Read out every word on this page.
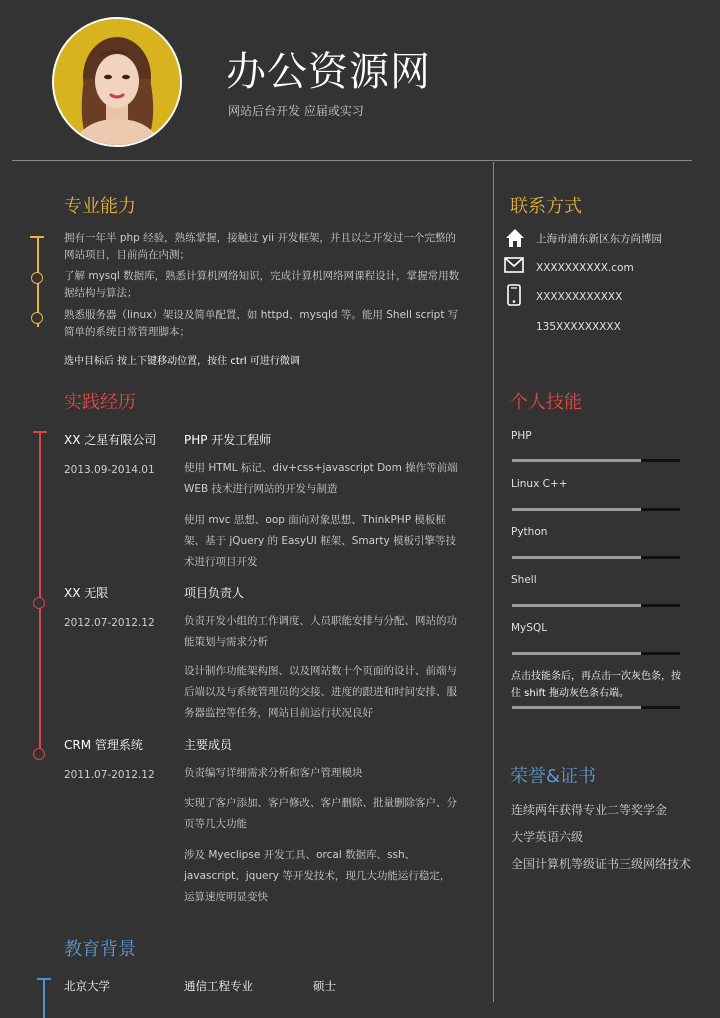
办公资源网
网站后台开发 应届或实习
专业能力
拥有一年半 php 经验，熟练掌握，接触过 yii 开发框架，并且以之开发过一个完整的网站项目，目前尚在内测；
了解 mysql 数据库，熟悉计算机网络知识，完成计算机网络网课程设计，掌握常用数据结构与算法；
熟悉服务器（linux）架设及简单配置，如 httpd、mysqld 等。能用 Shell script 写简单的系统日常管理脚本；
选中目标后 按上下键移动位置，按住 ctrl 可进行微调
实践经历
XX 之星有限公司
2013.09-2014.01
PHP 开发工程师
使用 HTML 标记、div+css+javascript Dom 操作等前端 WEB 技术进行网站的开发与制造
使用 mvc 思想、oop 面向对象思想、ThinkPHP 模板框架、基于 jQuery 的 EasyUI 框架、Smarty 模板引擎等技术进行项目开发
XX 无限
2012.07-2012.12
项目负责人
负责开发小组的工作调度、人员职能安排与分配、网站的功能策划与需求分析
设计制作功能架构图、以及网站数十个页面的设计、前端与后端以及与系统管理员的交接、进度的跟进和时间安排、服务器监控等任务，网站目前运行状况良好
CRM 管理系统
2011.07-2012.12
主要成员
负责编写详细需求分析和客户管理模块
实现了客户添加、客户修改、客户删除、批量删除客户、分页等几大功能
涉及 Myeclipse 开发工具、orcal 数据库、ssh、javascript、jquery 等开发技术，现几大功能运行稳定，运算速度明显变快
教育背景
北京大学	通信工程专业	硕士
联系方式
上海市浦东新区东方尚博园
XXXXXXXXXX.com
XXXXXXXXXXXX
135XXXXXXXXX
个人技能
PHP
Linux C++
Python
Shell
MySQL
点击技能条后，再点击一次灰色条，按住 shift 拖动灰色条右端。
荣誉&证书
连续两年获得专业二等奖学金
大学英语六级
全国计算机等级证书三级网络技术
